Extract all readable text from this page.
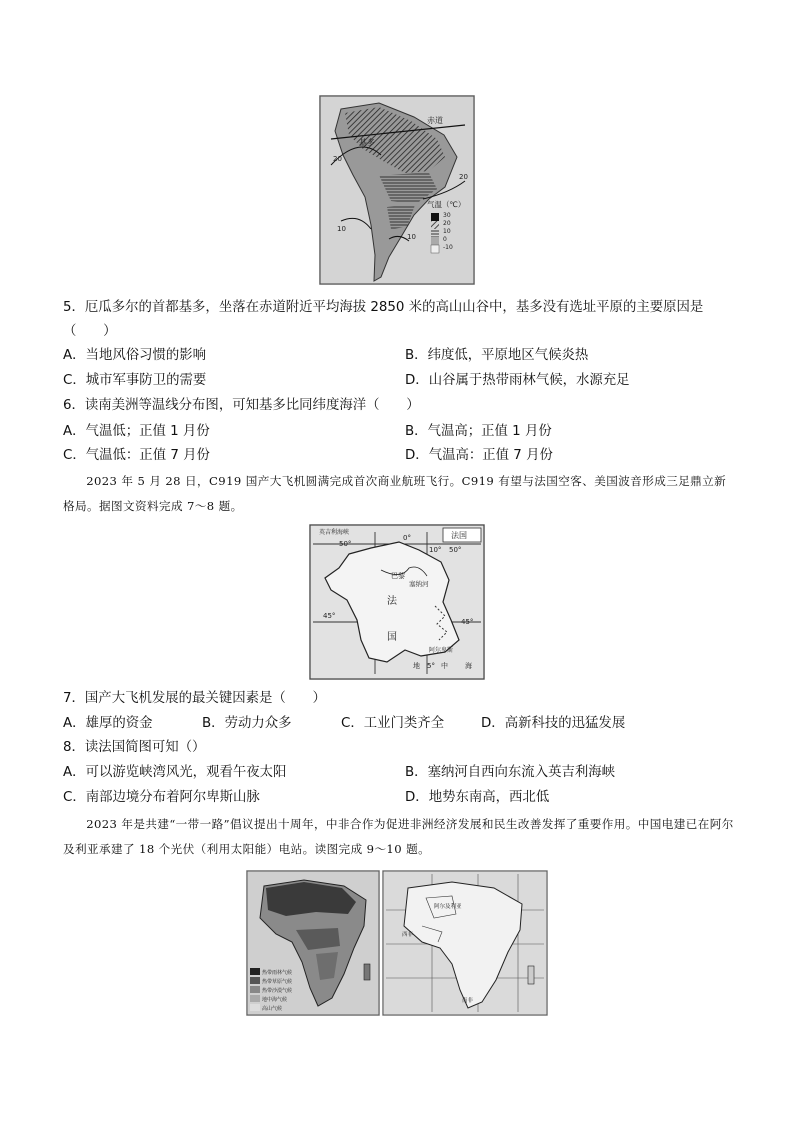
赤道
基多
20
20
10
10
气温（℃）
30
20
10
0
-10
5．厄瓜多尔的首都基多，坐落在赤道附近平均海拔 2850 米的高山山谷中，基多没有选址平原的主要原因是
（　　）
A．当地风俗习惯的影响	B．纬度低，平原地区气候炎热
C．城市军事防卫的需要	D．山谷属于热带雨林气候，水源充足
6．读南美洲等温线分布图，可知基多比同纬度海洋（　　）
A．气温低；正值 1 月份	B．气温高；正值 1 月份
C．气温低：正值 7 月份	D．气温高：正值 7 月份
2023 年 5 月 28 日，C919 国产大飞机圆满完成首次商业航班飞行。C919 有望与法国空客、美国波音形成三足鼎立新格局。据图文资料完成 7～8 题。
法国
英吉利海峡
50°
50°
10°
0°
巴黎
塞纳河
法
国
45°
45°
阿尔卑斯
地 5° 中 海
7．国产大飞机发展的最关键因素是（　　）
A．雄厚的资金	B．劳动力众多	C．工业门类齐全	D．高新科技的迅猛发展
8．读法国简图可知（）
A．可以游览峡湾风光，观看午夜太阳	B．塞纳河自西向东流入英吉利海峡
C．南部边境分布着阿尔卑斯山脉	D．地势东南高，西北低
2023 年是共建“一带一路”倡议提出十周年，中非合作为促进非洲经济发展和民生改善发挥了重要作用。中国电建已在阿尔及利亚承建了 18 个光伏（利用太阳能）电站。读图完成 9～10 题。
热带雨林气候
热带草原气候
热带沙漠气候
地中海气候
高山气候
阿尔及利亚
西非
南非
